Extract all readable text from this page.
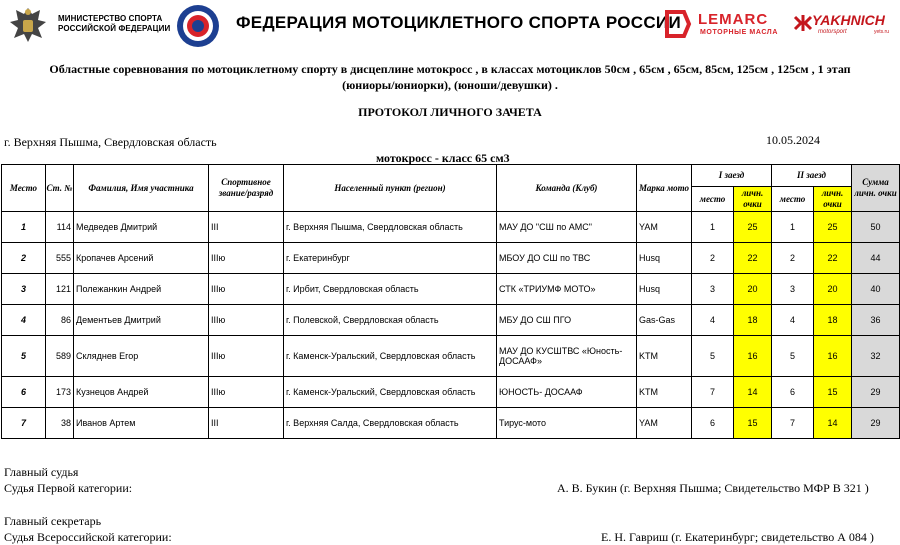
МИНИСТЕРСТВО СПОРТА
РОССИЙСКОЙ ФЕДЕРАЦИИ	ФЕДЕРАЦИЯ МОТОЦИКЛЕТНОГО СПОРТА РОССИИ LEMARC
МОТОРНЫЕ МАСЛА
YAKHNICH
motorsport	yets.ru
Областные соревнования по мотоциклетному спорту в дисцеплине мотокросс , в классах мотоциклов 50см , 65см , 65см, 85см, 125см , 125см , 1 этап
(юниоры/юниорки), (юноши/девушки) .
ПРОТОКОЛ ЛИЧНОГО ЗАЧЕТА
г. Верхняя Пышма, Свердловская область	10.05.2024
мотокросс - класс 65 см3
Место	Ст. №	Фамилия, Имя участника	Спортивное звание/разряд	Населенный пункт (регион)	Команда (Клуб)	Марка мото	I заезд		II заезд		Сумма личн. очки
							место	личн. очки	место	личн. очки	
1	114	Медведев Дмитрий	III	г. Верхняя Пышма, Свердловская область	МАУ ДО "СШ по АМС"	YAM	1	25	1	25	50
2	555	Кропачев Арсений	IIIю	г. Екатеринбург	МБОУ ДО СШ по ТВС	Husq	2	22	2	22	44
3	121	Полежанкин Андрей	IIIю	г. Ирбит, Свердловская область	СТК «ТРИУМФ МОТО»	Husq	3	20	3	20	40
4	86	Дементьев Дмитрий	IIIю	г. Полевской, Свердловская область	МБУ ДО СШ ПГО	Gas-Gas	4	18	4	18	36
5	589	Скляднев Егор	IIIю	г. Каменск-Уральский, Свердловская область	МАУ ДО КУСШТВС «Юность-ДОСААФ»	KTM	5	16	5	16	32
6	173	Кузнецов Андрей	IIIю	г. Каменск-Уральский, Свердловская область	ЮНОСТЬ- ДОСААФ	KTM	7	14	6	15	29
7	38	Иванов Артем	III	г. Верхняя Салда, Свердловская область	Тирус-мото	YAM	6	15	7	14	29
Главный судья
Судья Первой категории:	А. В. Букин (г. Верхняя Пышма; Свидетельство МФР В 321 )
Главный секретарь
Судья Всероссийской категории:	Е. Н. Гавриш (г. Екатеринбург; свидетельство А 084 )
